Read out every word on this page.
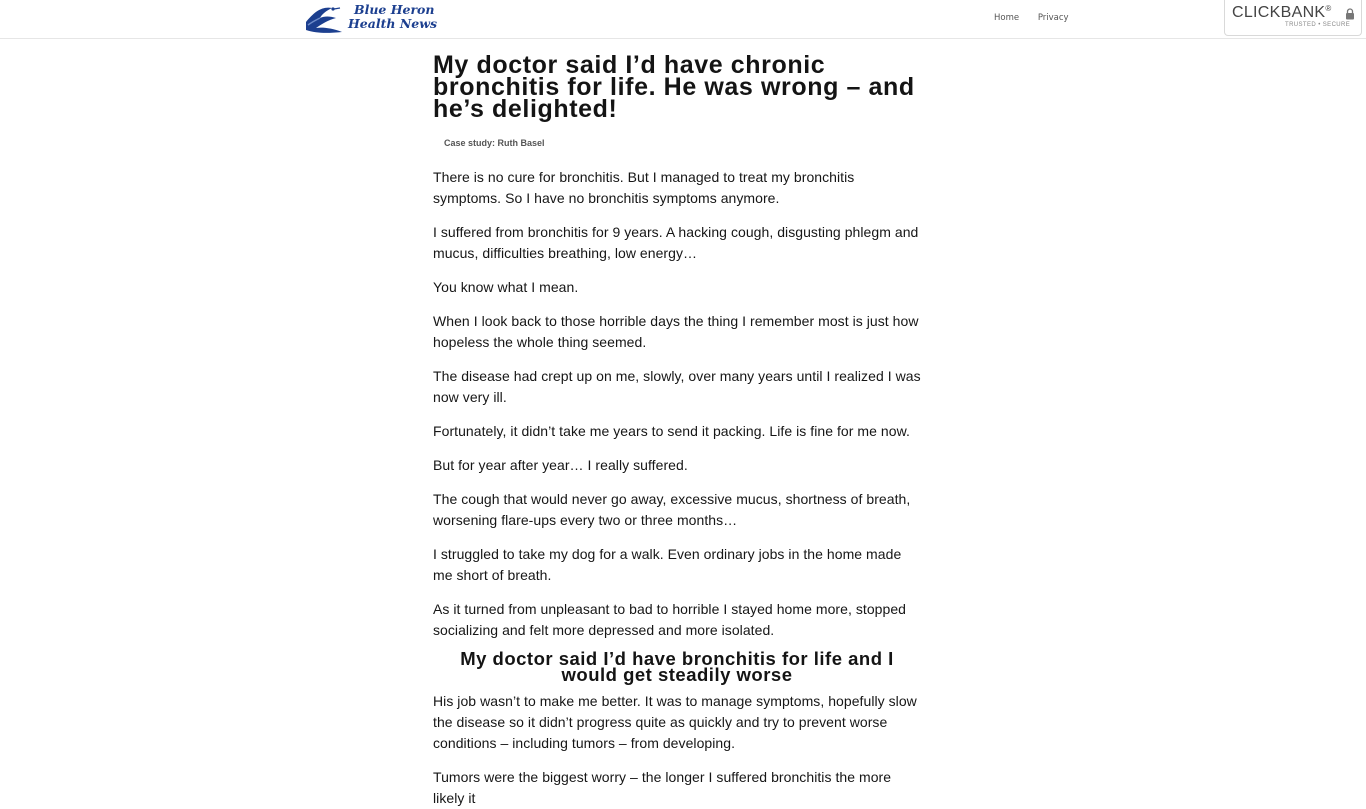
Blue Heron
Health News	Home Privacy	CLICKBANK®
TRUSTED • SECURE
My doctor said I’d have chronic bronchitis for life. He was wrong – and he’s delighted!
Case study: Ruth Basel

There is no cure for bronchitis. But I managed to treat my bronchitis symptoms. So I have no bronchitis symptoms anymore.

I suffered from bronchitis for 9 years. A hacking cough, disgusting phlegm and mucus, difficulties breathing, low energy…

You know what I mean.

When I look back to those horrible days the thing I remember most is just how hopeless the whole thing seemed.

The disease had crept up on me, slowly, over many years until I realized I was now very ill.

Fortunately, it didn’t take me years to send it packing. Life is fine for me now.

But for year after year… I really suffered.

The cough that would never go away, excessive mucus, shortness of breath, worsening flare-ups every two or three months…

I struggled to take my dog for a walk. Even ordinary jobs in the home made me short of breath.

As it turned from unpleasant to bad to horrible I stayed home more, stopped socializing and felt more depressed and more isolated.

My doctor said I’d have bronchitis for life and I would get steadily worse

His job wasn’t to make me better. It was to manage symptoms, hopefully slow the disease so it didn’t progress quite as quickly and try to prevent worse conditions – including tumors – from developing.

Tumors were the biggest worry – the longer I suffered bronchitis the more likely it
